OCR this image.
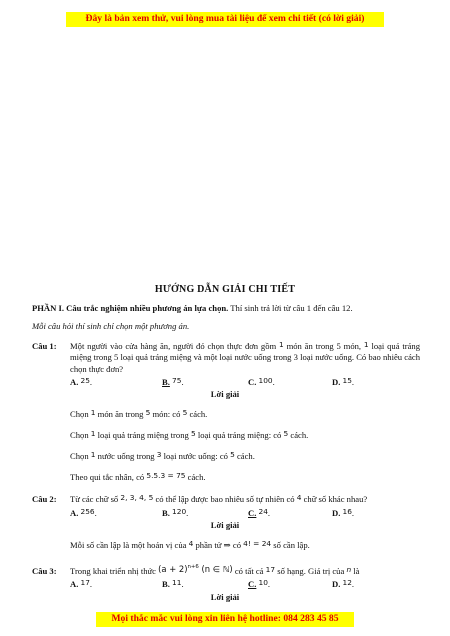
Đây là bản xem thử, vui lòng mua tài liệu để xem chi tiết (có lời giải)
HƯỚNG DẪN GIẢI CHI TIẾT
PHẦN I. Câu trắc nghiệm nhiều phương án lựa chọn. Thí sinh trả lời từ câu 1 đến câu 12.
Mỗi câu hỏi thí sinh chỉ chọn một phương án.
Câu 1: Một người vào cửa hàng ăn, người đó chọn thực đơn gồm 1 món ăn trong 5 món, 1 loại quả tráng miệng trong 5 loại quả tráng miệng và một loại nước uống trong 3 loại nước uống. Có bao nhiêu cách chọn thực đơn?
A. 25.	B. 75.	C. 100.	D. 15.
Lời giải
Chọn 1 món ăn trong 5 món: có 5 cách.
Chọn 1 loại quả tráng miệng trong 5 loại quả tráng miệng: có 5 cách.
Chọn 1 nước uống trong 3 loại nước uống: có 5 cách.
Theo qui tắc nhân, có 5.5.3 = 75 cách.
Câu 2: Từ các chữ số 2, 3, 4, 5 có thể lập được bao nhiêu số tự nhiên có 4 chữ số khác nhau?
A. 256.	B. 120.	C. 24.	D. 16.
Lời giải
Mỗi số cần lập là một hoán vị của 4 phần tử ⇒ có 4! = 24 số cần lập.
Câu 3: Trong khai triển nhị thức $(a + 2)^{n+6}$ (n ∈ ℕ) có tất cả 17 số hạng. Giá trị của n là
A. 17.	B. 11.	C. 10.	D. 12.
Lời giải
Mọi thắc mắc vui lòng xin liên hệ hotline: 084 283 45 85
